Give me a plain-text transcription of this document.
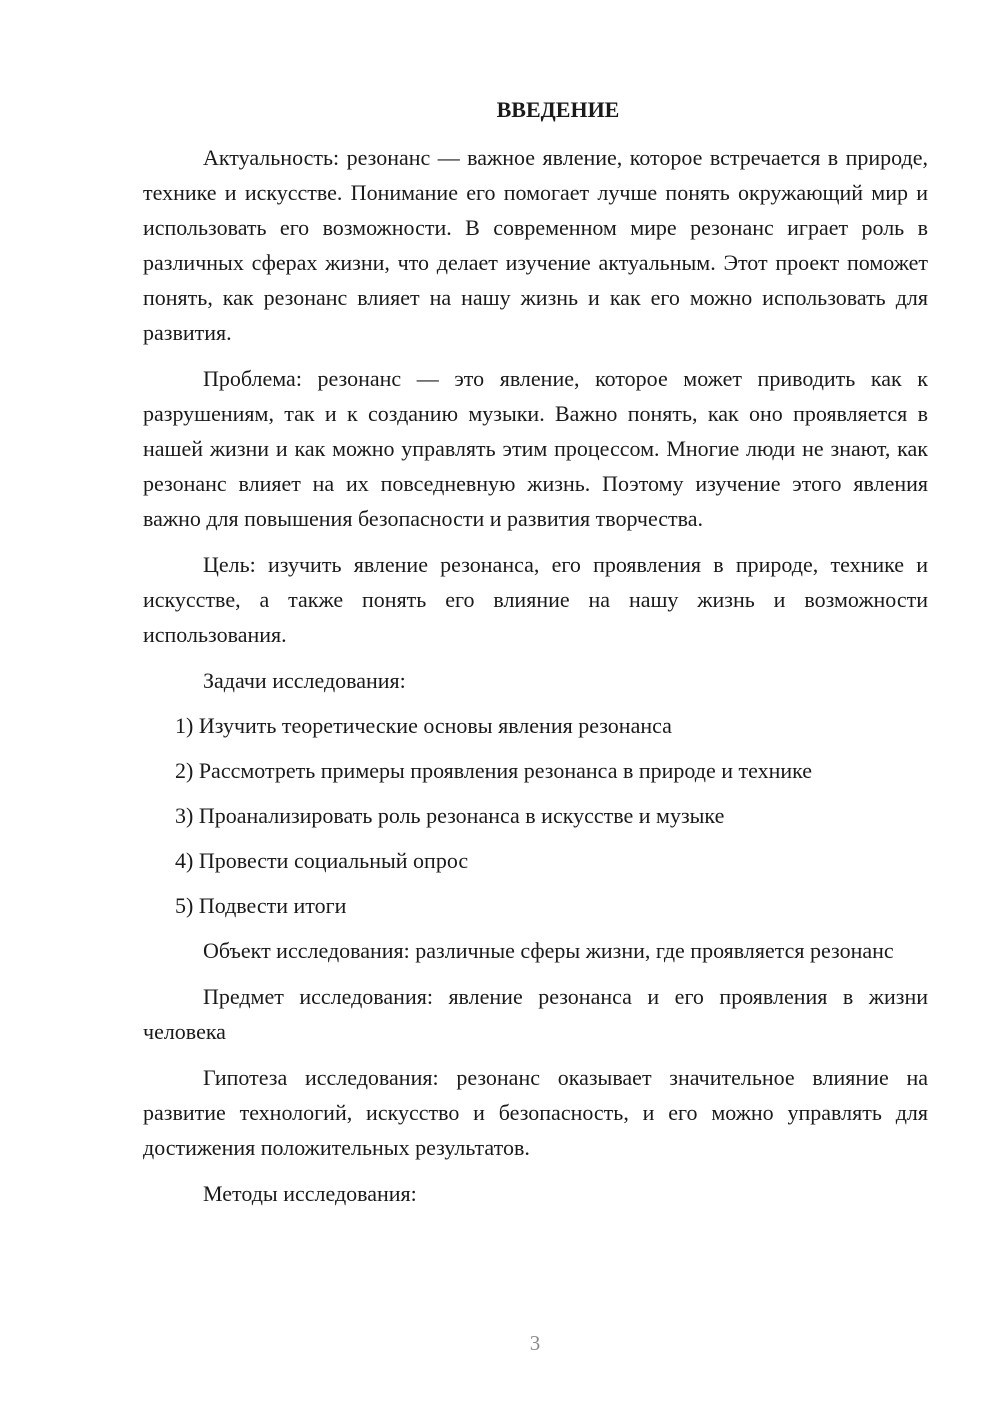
ВВЕДЕНИЕ

Актуальность: резонанс — важное явление, которое встречается в природе, технике и искусстве. Понимание его помогает лучше понять окружающий мир и использовать его возможности. В современном мире резонанс играет роль в различных сферах жизни, что делает изучение актуальным. Этот проект поможет понять, как резонанс влияет на нашу жизнь и как его можно использовать для развития.

Проблема: резонанс — это явление, которое может приводить как к разрушениям, так и к созданию музыки. Важно понять, как оно проявляется в нашей жизни и как можно управлять этим процессом. Многие люди не знают, как резонанс влияет на их повседневную жизнь. Поэтому изучение этого явления важно для повышения безопасности и развития творчества.

Цель: изучить явление резонанса, его проявления в природе, технике и искусстве, а также понять его влияние на нашу жизнь и возможности использования.

Задачи исследования:

1) Изучить теоретические основы явления резонанса
2) Рассмотреть примеры проявления резонанса в природе и технике
3) Проанализировать роль резонанса в искусстве и музыке
4) Провести социальный опрос
5) Подвести итоги

Объект исследования: различные сферы жизни, где проявляется резонанс

Предмет исследования: явление резонанса и его проявления в жизни человека

Гипотеза исследования: резонанс оказывает значительное влияние на развитие технологий, искусство и безопасность, и его можно управлять для достижения положительных результатов.

Методы исследования:

3
